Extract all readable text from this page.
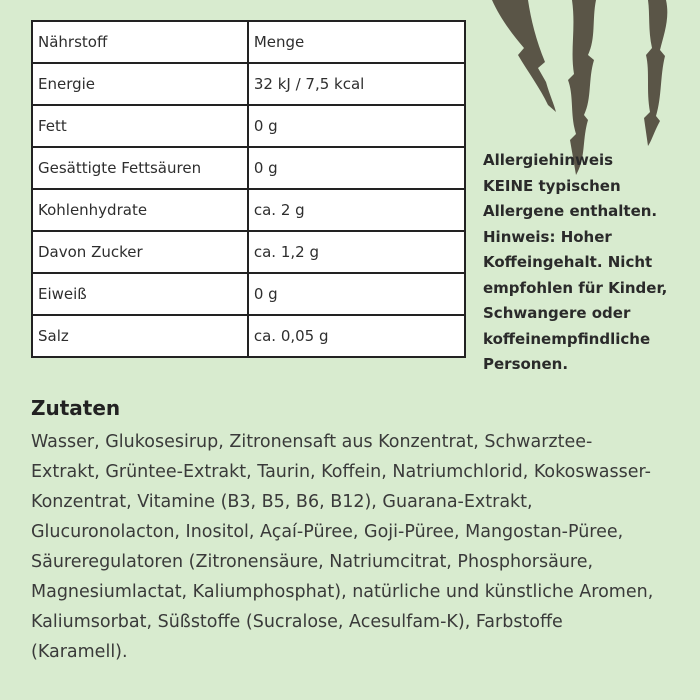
Nährstoff	Menge
Energie	32 kJ / 7,5 kcal
Fett	0 g
Gesättigte Fettsäuren	0 g
Kohlenhydrate	ca. 2 g
Davon Zucker	ca. 1,2 g
Eiweiß	0 g
Salz	ca. 0,05 g
Allergiehinweis
KEINE typischen
Allergene enthalten.
Hinweis: Hoher
Koffeingehalt. Nicht
empfohlen für Kinder,
Schwangere oder
koffeinempfindliche
Personen.
Zutaten

Wasser, Glukosesirup, Zitronensaft aus Konzentrat, Schwarztee-Extrakt, Grüntee-Extrakt, Taurin, Koffein, Natriumchlorid, Kokoswasser-Konzentrat, Vitamine (B3, B5, B6, B12), Guarana-Extrakt, Glucuronolacton, Inositol, Açaí-Püree, Goji-Püree, Mangostan-Püree, Säureregulatoren (Zitronensäure, Natriumcitrat, Phosphorsäure, Magnesiumlactat, Kaliumphosphat), natürliche und künstliche Aromen, Kaliumsorbat, Süßstoffe (Sucralose, Acesulfam-K), Farbstoffe (Karamell).
